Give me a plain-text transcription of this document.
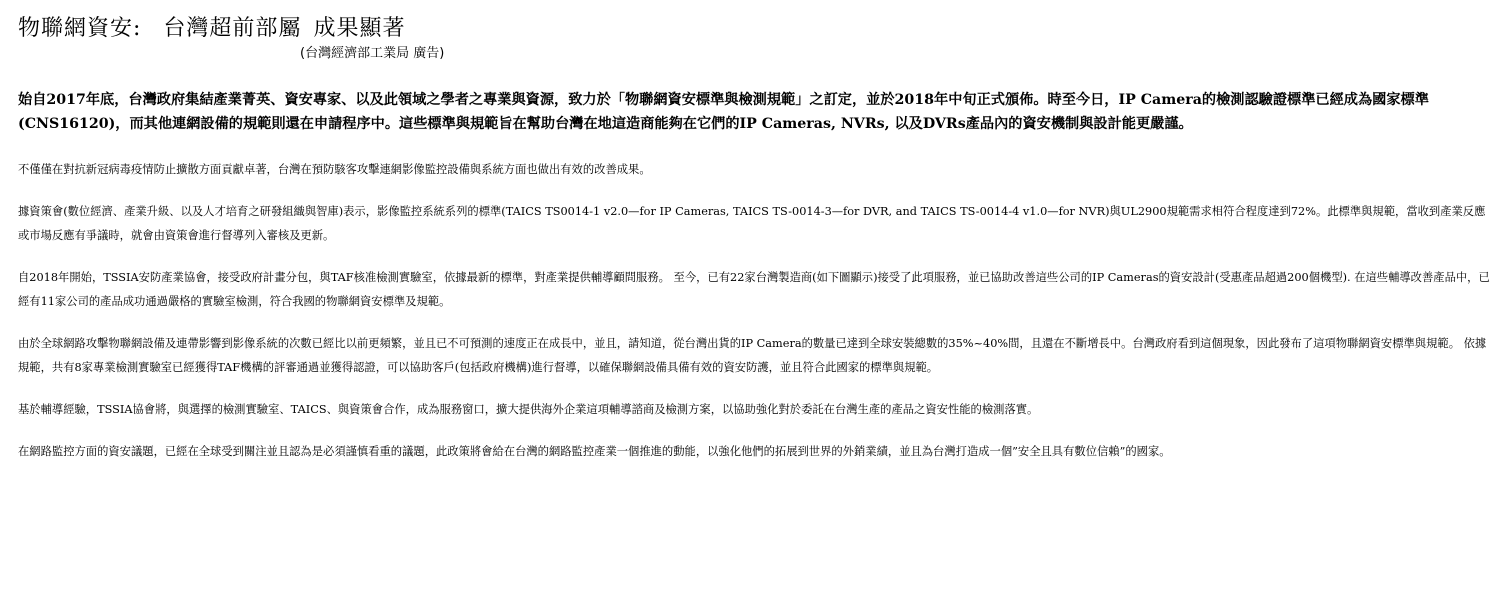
物聯網資安: 台灣超前部屬 成果顯著
(台灣經濟部工業局 廣告)

始自2017年底，台灣政府集結產業菁英、資安專家、以及此領域之學者之專業與資源，致力於「物聯網資安標準與檢測規範」之訂定，並於2018年中旬正式頒佈。時至今日，IP Camera的檢測認驗證標準已經成為國家標準(CNS16120)，而其他連網設備的規範則還在申請程序中。這些標準與規範旨在幫助台灣在地這造商能夠在它們的IP Cameras, NVRs, 以及DVRs產品內的資安機制與設計能更嚴謹。

不僅僅在對抗新冠病毒疫情防止擴散方面貢獻卓著，台灣在預防駭客攻擊連網影像監控設備與系統方面也做出有效的改善成果。

據資策會(數位經濟、產業升級、以及人才培育之研發組織與智庫)表示，影像監控系統系列的標準(TAICS TS0014-1 v2.0—for IP Cameras, TAICS TS-0014-3—for DVR, and TAICS TS-0014-4 v1.0—for NVR)與UL2900規範需求相符合程度達到72%。此標準與規範，當收到產業反應或市場反應有爭議時，就會由資策會進行督導列入審核及更新。

自2018年開始，TSSIA安防產業協會，接受政府計畫分包，與TAF核准檢測實驗室，依據最新的標準，對產業提供輔導顧問服務。 至今，已有22家台灣製造商(如下圖顯示)接受了此項服務，並已協助改善這些公司的IP Cameras的資安設計(受惠產品超過200個機型). 在這些輔導改善產品中，已經有11家公司的產品成功通過嚴格的實驗室檢測，符合我國的物聯網資安標準及規範。

由於全球網路攻擊物聯網設備及連帶影響到影像系統的次數已經比以前更頻繁，並且已不可預測的速度正在成長中，並且，請知道，從台灣出貨的IP Camera的數量已達到全球安裝總數的35%~40%間，且還在不斷增長中。台灣政府看到這個現象，因此發布了這項物聯網資安標準與規範。 依據規範，共有8家專業檢測實驗室已經獲得TAF機構的評審通過並獲得認證，可以協助客戶(包括政府機構)進行督導，以確保聯網設備具備有效的資安防護，並且符合此國家的標準與規範。

基於輔導經驗，TSSIA協會將，與選擇的檢測實驗室、TAICS、與資策會合作，成為服務窗口，擴大提供海外企業這項輔導諮商及檢測方案，以協助強化對於委託在台灣生產的產品之資安性能的檢測落實。

在網路監控方面的資安議題，已經在全球受到關注並且認為是必須謹慎看重的議題，此政策將會給在台灣的網路監控產業一個推進的動能，以強化他們的拓展到世界的外銷業績，並且為台灣打造成一個”安全且具有數位信賴”的國家。
